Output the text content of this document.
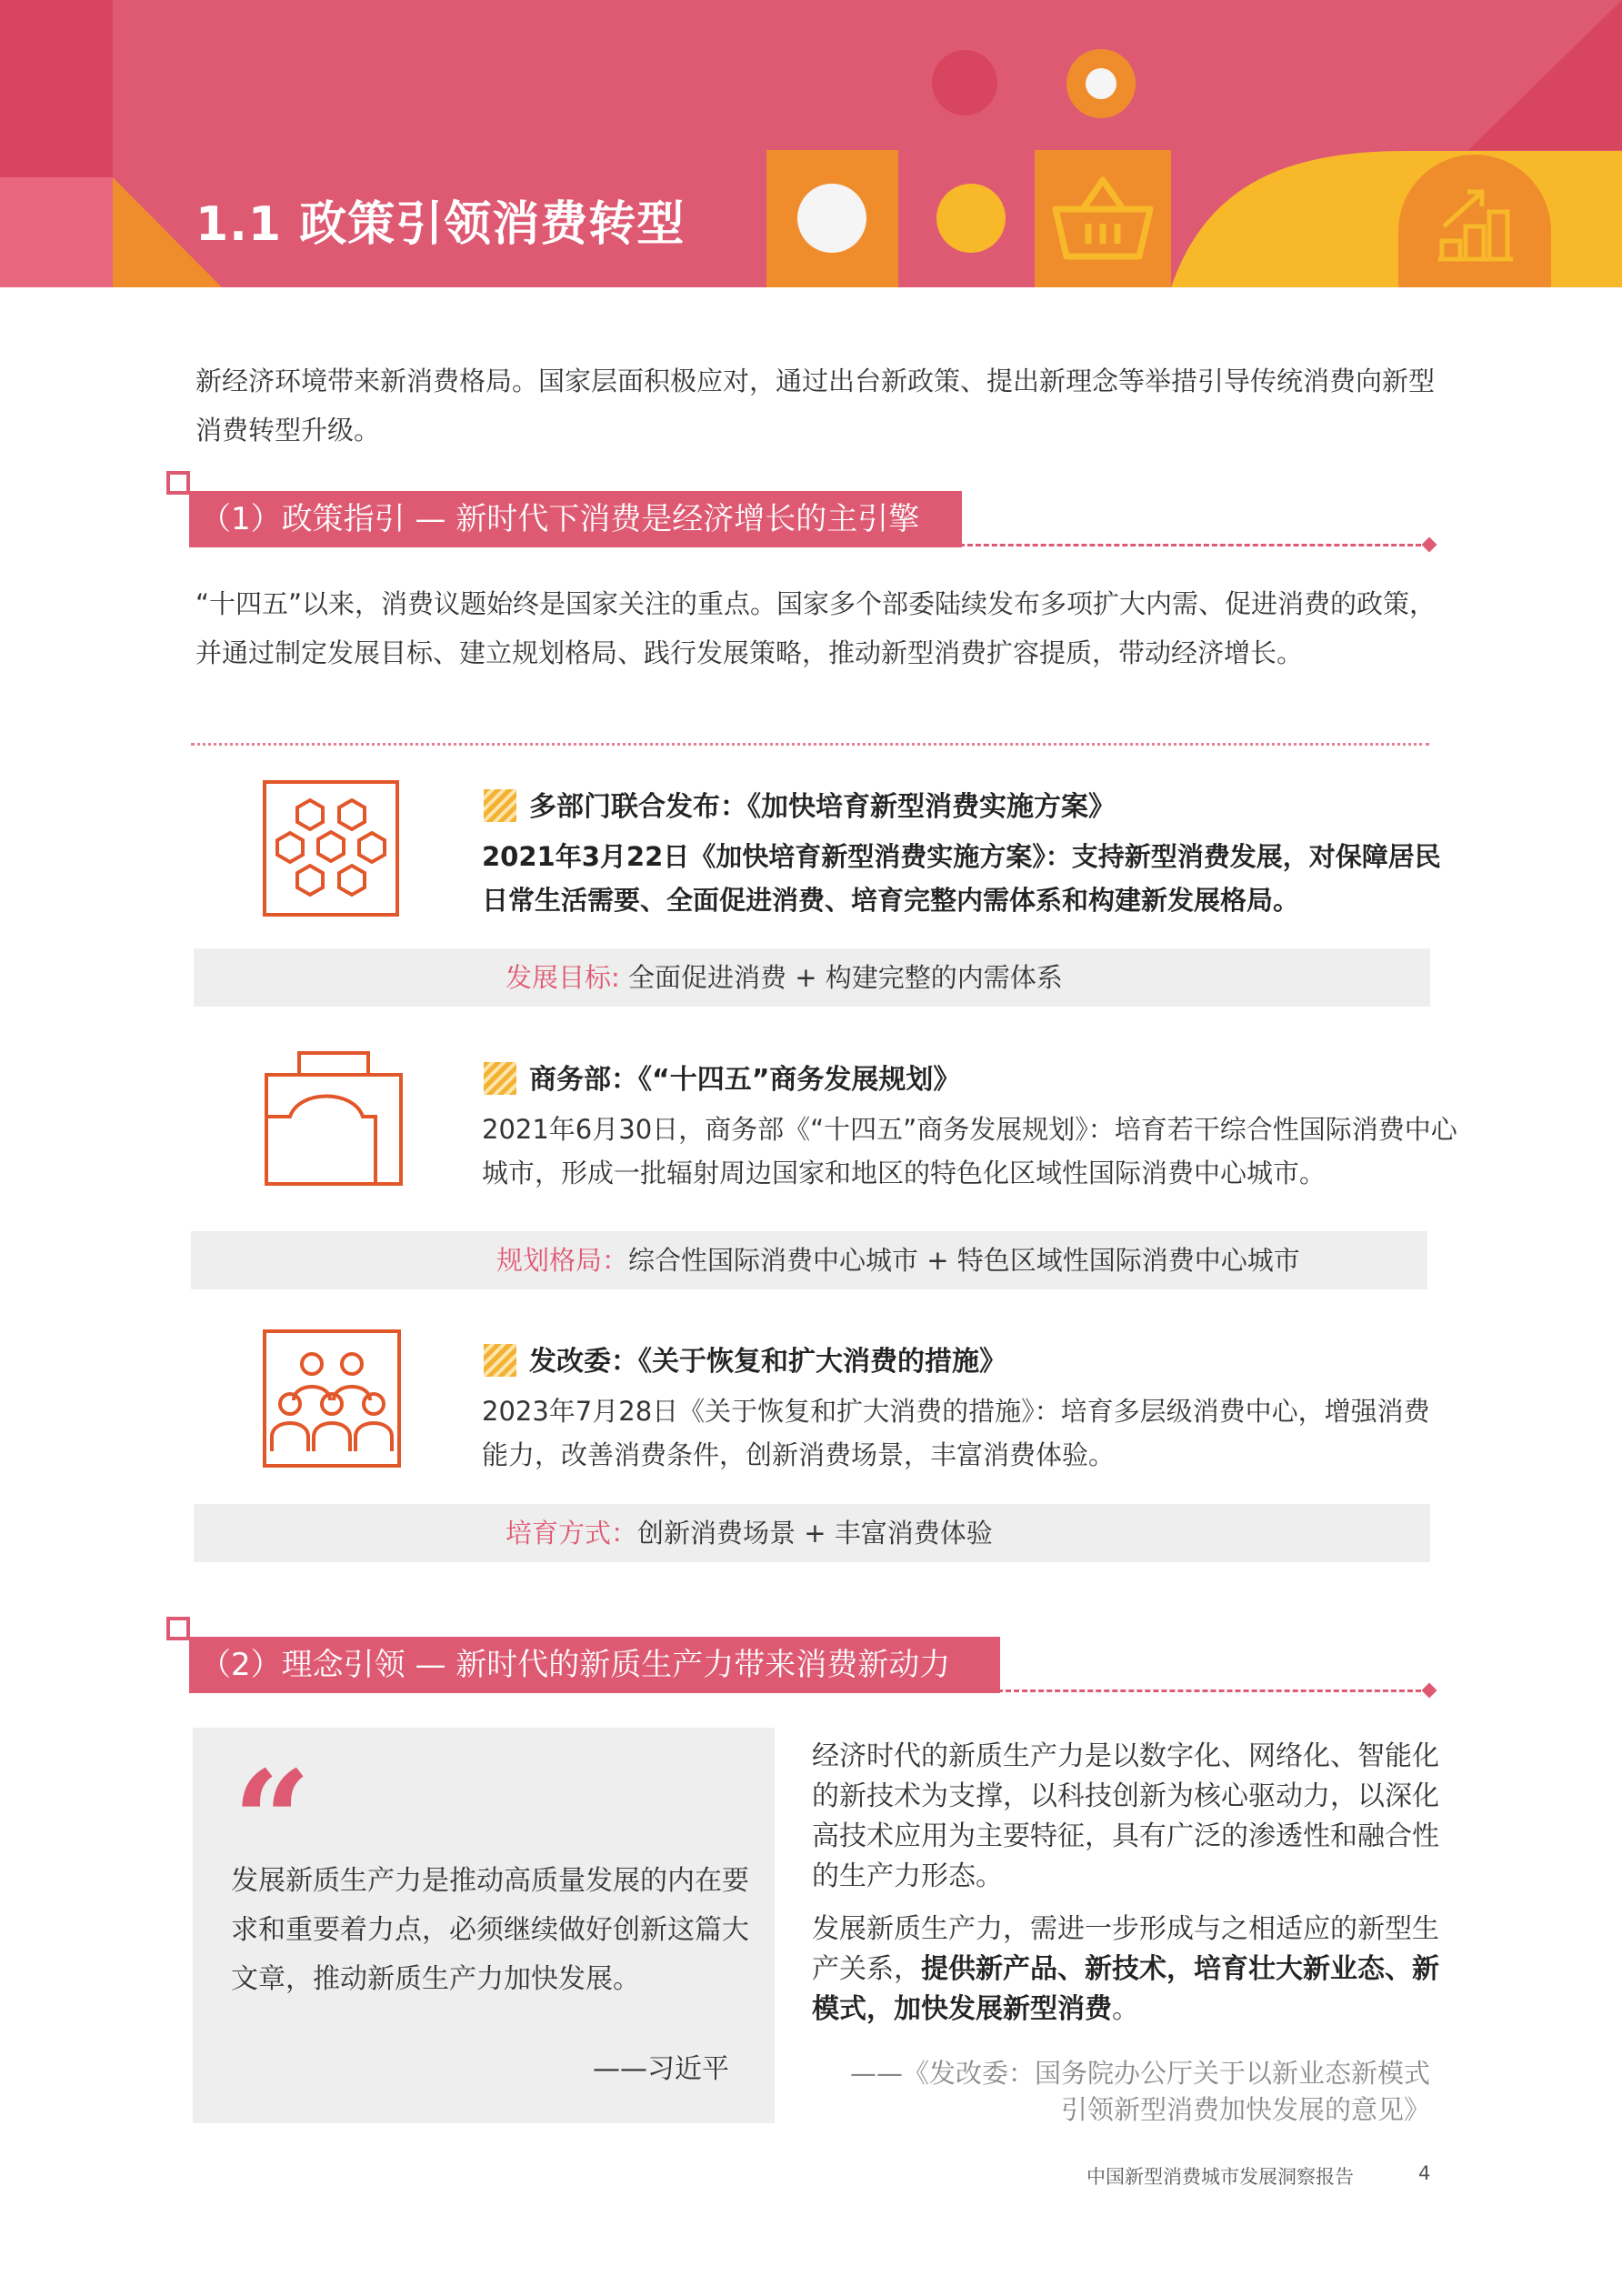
1.1 政策引领消费转型
新经济环境带来新消费格局。国家层面积极应对，通过出台新政策、提出新理念等举措引导传统消费向新型消费转型升级。
（1）政策指引 — 新时代下消费是经济增长的主引擎
“十四五”以来，消费议题始终是国家关注的重点。国家多个部委陆续发布多项扩大内需、促进消费的政策，并通过制定发展目标、建立规划格局、践行发展策略，推动新型消费扩容提质，带动经济增长。
多部门联合发布：《加快培育新型消费实施方案》
2021年3月22日《加快培育新型消费实施方案》：支持新型消费发展，对保障居民日常生活需要、全面促进消费、培育完整内需体系和构建新发展格局。
发展目标: 全面促进消费 + 构建完整的内需体系
商务部：《“十四五”商务发展规划》
2021年6月30日，商务部《“十四五”商务发展规划》：培育若干综合性国际消费中心城市，形成一批辐射周边国家和地区的特色化区域性国际消费中心城市。
规划格局：综合性国际消费中心城市 + 特色区域性国际消费中心城市
发改委：《关于恢复和扩大消费的措施》
2023年7月28日《关于恢复和扩大消费的措施》：培育多层级消费中心，增强消费能力，改善消费条件，创新消费场景，丰富消费体验。
培育方式：创新消费场景 + 丰富消费体验
（2）理念引领 — 新时代的新质生产力带来消费新动力
“
发展新质生产力是推动高质量发展的内在要求和重要着力点，必须继续做好创新这篇大文章，推动新质生产力加快发展。
——习近平

经济时代的新质生产力是以数字化、网络化、智能化的新技术为支撑，以科技创新为核心驱动力，以深化高技术应用为主要特征，具有广泛的渗透性和融合性的生产力形态。

发展新质生产力，需进一步形成与之相适应的新型生产关系，提供新产品、新技术，培育壮大新业态、新模式，加快发展新型消费。

——《发改委：国务院办公厅关于以新业态新模式
引领新型消费加快发展的意见》
中国新型消费城市发展洞察报告	4
